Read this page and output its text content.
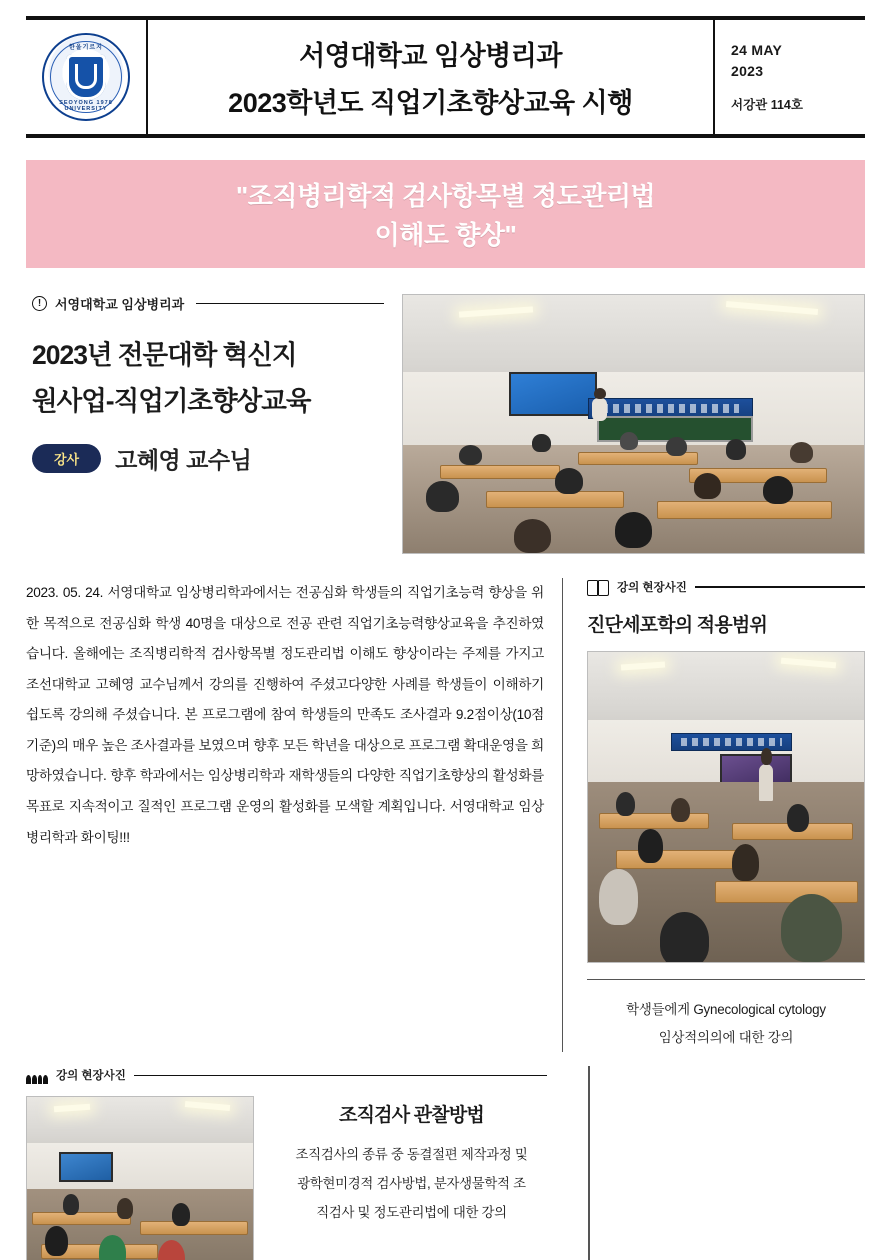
한울기르지
SEOYONG 1978 UNIVERSITY
서영대학교 임상병리과
2023학년도 직업기초향상교육 시행
24 MAY
2023
서강관 114호
"조직병리학적 검사항목별 정도관리법
이해도 향상"
!	서영대학교 임상병리과
2023년 전문대학 혁신지
원사업-직업기초향상교육
강사	고혜영 교수님

2023. 05. 24. 서영대학교 임상병리학과에서는 전공심화 학생들의 직업기초능력 향상을 위한 목적으로 전공심화 학생 40명을 대상으로 전공 관련 직업기초능력향상교육을 추진하였습니다. 올해에는 조직병리학적 검사항목별 정도관리법 이해도 향상이라는 주제를 가지고 조선대학교 고혜영 교수님께서 강의를 진행하여 주셨고다양한 사례를 학생들이 이해하기 쉽도록 강의해 주셨습니다. 본 프로그램에 참여 학생들의 만족도 조사결과 9.2점이상(10점 기준)의 매우 높은 조사결과를 보였으며 향후 모든 학년을 대상으로 프로그램 확대운영을 희망하였습니다. 향후 학과에서는 임상병리학과 재학생들의 다양한 직업기초향상의 활성화를 목표로 지속적이고 질적인 프로그램 운영의 활성화를 모색할 계획입니다. 서영대학교 임상병리학과 화이팅!!!

강의 현장사진
진단세포학의 적용범위
학생들에게 Gynecological cytology
임상적의의에 대한 강의
강의 현장사진
조직검사 관찰방법
조직검사의 종류 중 동결절편 제작과정 및
광학현미경적 검사방법, 분자생물학적 조
직검사 및 정도관리법에 대한 강의
